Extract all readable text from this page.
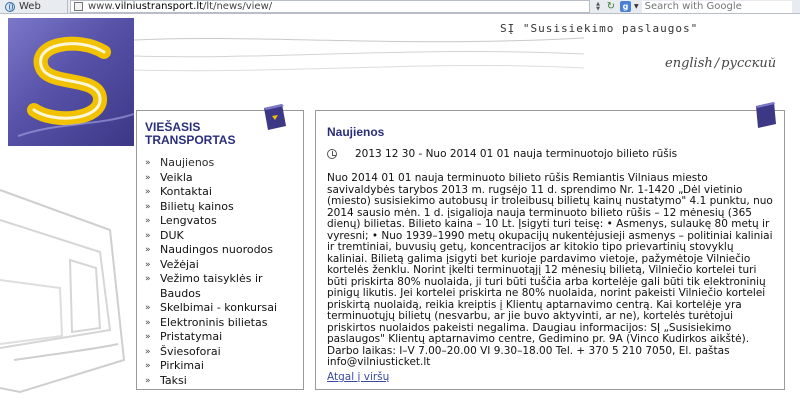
Web	www.vilniustransport.lt/lt/news/view/	▲
▼ ↻ g ▼
Search with Google
SĮ "Susisiekimo paslaugos"
english / русский
VIEŠASIS
TRANSPORTAS
» Naujienos
» Veikla
» Kontaktai
» Bilietų kainos
» Lengvatos
» DUK
» Naudingos nuorodos
» Vežėjai
» Vežimo taisyklės ir Baudos
» Skelbimai - konkursai
» Elektroninis bilietas
» Pristatymai
» Šviesoforai
» Pirkimai
» Taksi
Naujienos
2013 12 30 - Nuo 2014 01 01 nauja terminuotojo bilieto rūšis
Nuo 2014 01 01 nauja terminuoto bilieto rūšis Remiantis Vilniaus miesto savivaldybės tarybos 2013 m. rugsėjo 11 d. sprendimo Nr. 1-1420 „Dėl vietinio (miesto) susisiekimo autobusų ir troleibusų bilietų kainų nustatymo" 4.1 punktu, nuo 2014 sausio mėn. 1 d. įsigalioja nauja terminuoto bilieto rūšis – 12 mėnesių (365 dienų) bilietas. Bilieto kaina – 10 Lt. Įsigyti turi teisę: • Asmenys, sulaukę 80 metų ir vyresni; • Nuo 1939–1990 metų okupacijų nukentėjusieji asmenys – politiniai kaliniai ir tremtiniai, buvusių getų, koncentracijos ar kitokio tipo prievartinių stovyklų kaliniai. Bilietą galima įsigyti bet kurioje pardavimo vietoje, pažymėtoje Vilniečio kortelės ženklu. Norint įkelti terminuotąjį 12 mėnesių bilietą, Vilniečio kortelei turi būti priskirta 80% nuolaida, ji turi būti tuščia arba kortelėje gali būti tik elektroninių pinigų likutis. Jei kortelei priskirta ne 80% nuolaida, norint pakeisti Vilniečio kortelei priskirtą nuolaidą, reikia kreiptis į Klientų aptarnavimo centrą. Kai kortelėje yra terminuotųjų bilietų (nesvarbu, ar jie buvo aktyvinti, ar ne), kortelės turėtojui priskirtos nuolaidos pakeisti negalima. Daugiau informacijos: SĮ „Susisiekimo paslaugos" Klientų aptarnavimo centre, Gedimino pr. 9A (Vinco Kudirkos aikštė). Darbo laikas: I–V 7.00–20.00 VI 9.30–18.00 Tel. + 370 5 210 7050, El. paštas info@vilniusticket.lt
Atgal į viršų
